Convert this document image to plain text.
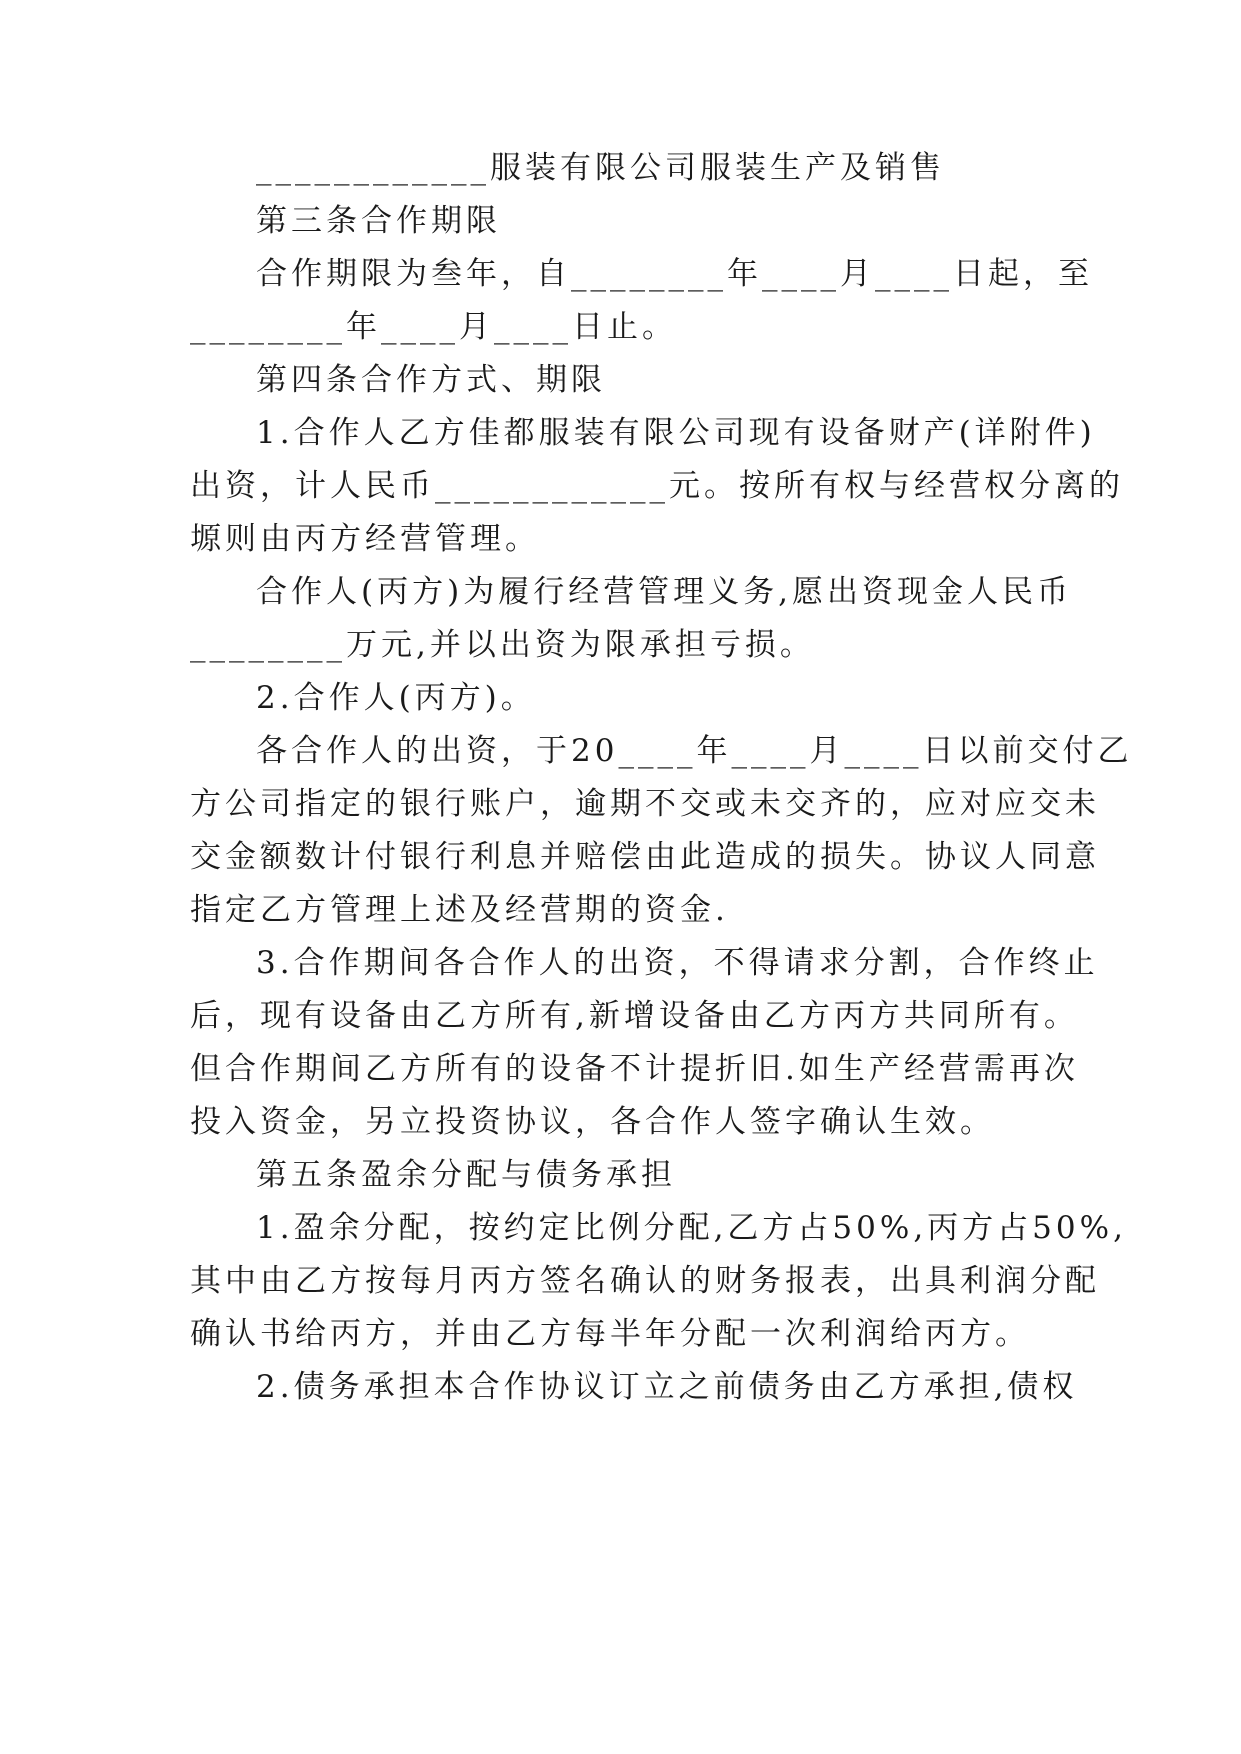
____________服装有限公司服装生产及销售
第三条合作期限
合作期限为叁年，自________年____月____日起，至
________年____月____日止。
第四条合作方式、期限
1.合作人乙方佳都服装有限公司现有设备财产(详附件)
出资，计人民币____________元。按所有权与经营权分离的
塬则由丙方经营管理。
合作人(丙方)为履行经营管理义务,愿出资现金人民币
________万元,并以出资为限承担亏损。
2.合作人(丙方)。
各合作人的出资，于20____年____月____日以前交付乙
方公司指定的银行账户，逾期不交或未交齐的，应对应交未
交金额数计付银行利息并赔偿由此造成的损失。协议人同意
指定乙方管理上述及经营期的资金.
3.合作期间各合作人的出资，不得请求分割，合作终止
后，现有设备由乙方所有,新增设备由乙方丙方共同所有。
但合作期间乙方所有的设备不计提折旧.如生产经营需再次
投入资金，另立投资协议，各合作人签字确认生效。
第五条盈余分配与债务承担
1.盈余分配，按约定比例分配,乙方占50%,丙方占50%,
其中由乙方按每月丙方签名确认的财务报表，出具利润分配
确认书给丙方，并由乙方每半年分配一次利润给丙方。
2.债务承担本合作协议订立之前债务由乙方承担,债权
